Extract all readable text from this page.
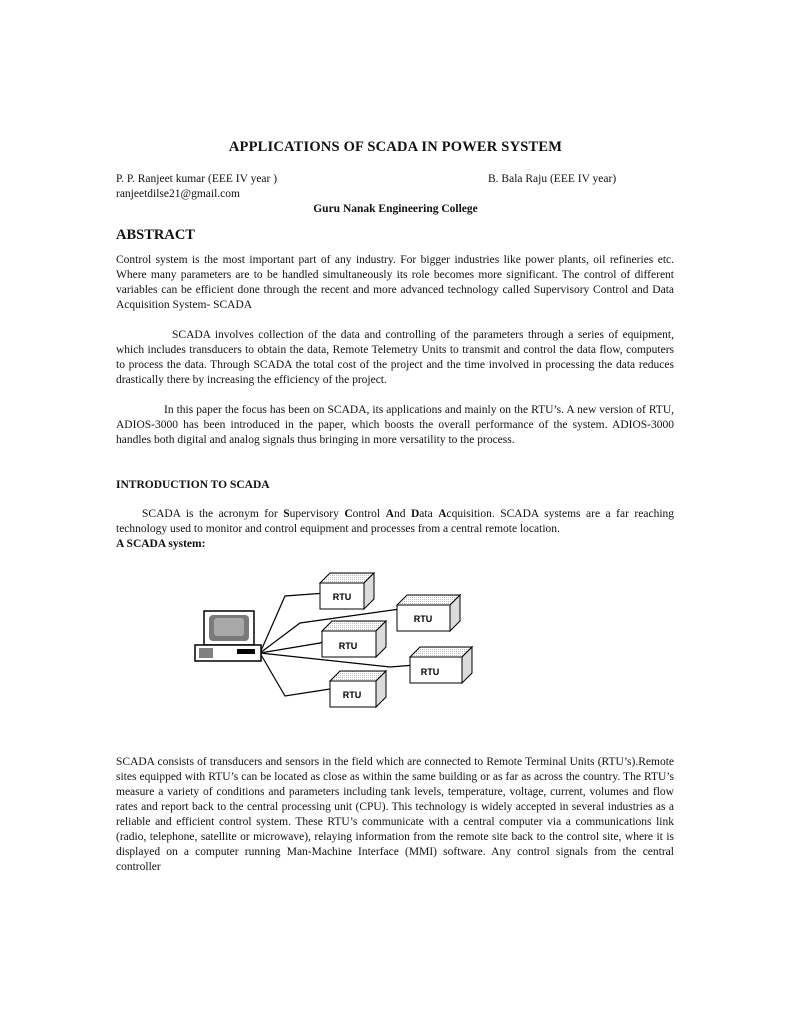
APPLICATIONS OF SCADA IN POWER SYSTEM
P. P. Ranjeet kumar (EEE IV year )	B. Bala Raju (EEE IV year)
ranjeetdilse21@gmail.com
Guru Nanak Engineering College
ABSTRACT

Control system is the most important part of any industry. For bigger industries like power plants, oil refineries etc. Where many parameters are to be handled simultaneously its role becomes more significant. The control of different variables can be efficient done through the recent and more advanced technology called Supervisory Control and Data Acquisition System- SCADA

SCADA involves collection of the data and controlling of the parameters through a series of equipment, which includes transducers to obtain the data, Remote Telemetry Units to transmit and control the data flow, computers to process the data. Through SCADA the total cost of the project and the time involved in processing the data reduces drastically there by increasing the efficiency of the project.

In this paper the focus has been on SCADA, its applications and mainly on the RTU’s. A new version of RTU, ADIOS-3000 has been introduced in the paper, which boosts the overall performance of the system. ADIOS-3000 handles both digital and analog signals thus bringing in more versatility to the process.

INTRODUCTION TO SCADA

SCADA is the acronym for Supervisory Control And Data Acquisition. SCADA systems are a far reaching technology used to monitor and control equipment and processes from a central remote location.

A SCADA system:
RTU
RTU
RTU
RTU
RTU

SCADA consists of transducers and sensors in the field which are connected to Remote Terminal Units (RTU’s).Remote sites equipped with RTU’s can be located as close as within the same building or as far as across the country. The RTU’s measure a variety of conditions and parameters including tank levels, temperature, voltage, current, volumes and flow rates and report back to the central processing unit (CPU). This technology is widely accepted in several industries as a reliable and efficient control system. These RTU’s communicate with a central computer via a communications link (radio, telephone, satellite or microwave), relaying information from the remote site back to the control site, where it is displayed on a computer running Man-Machine Interface (MMI) software. Any control signals from the central controller
